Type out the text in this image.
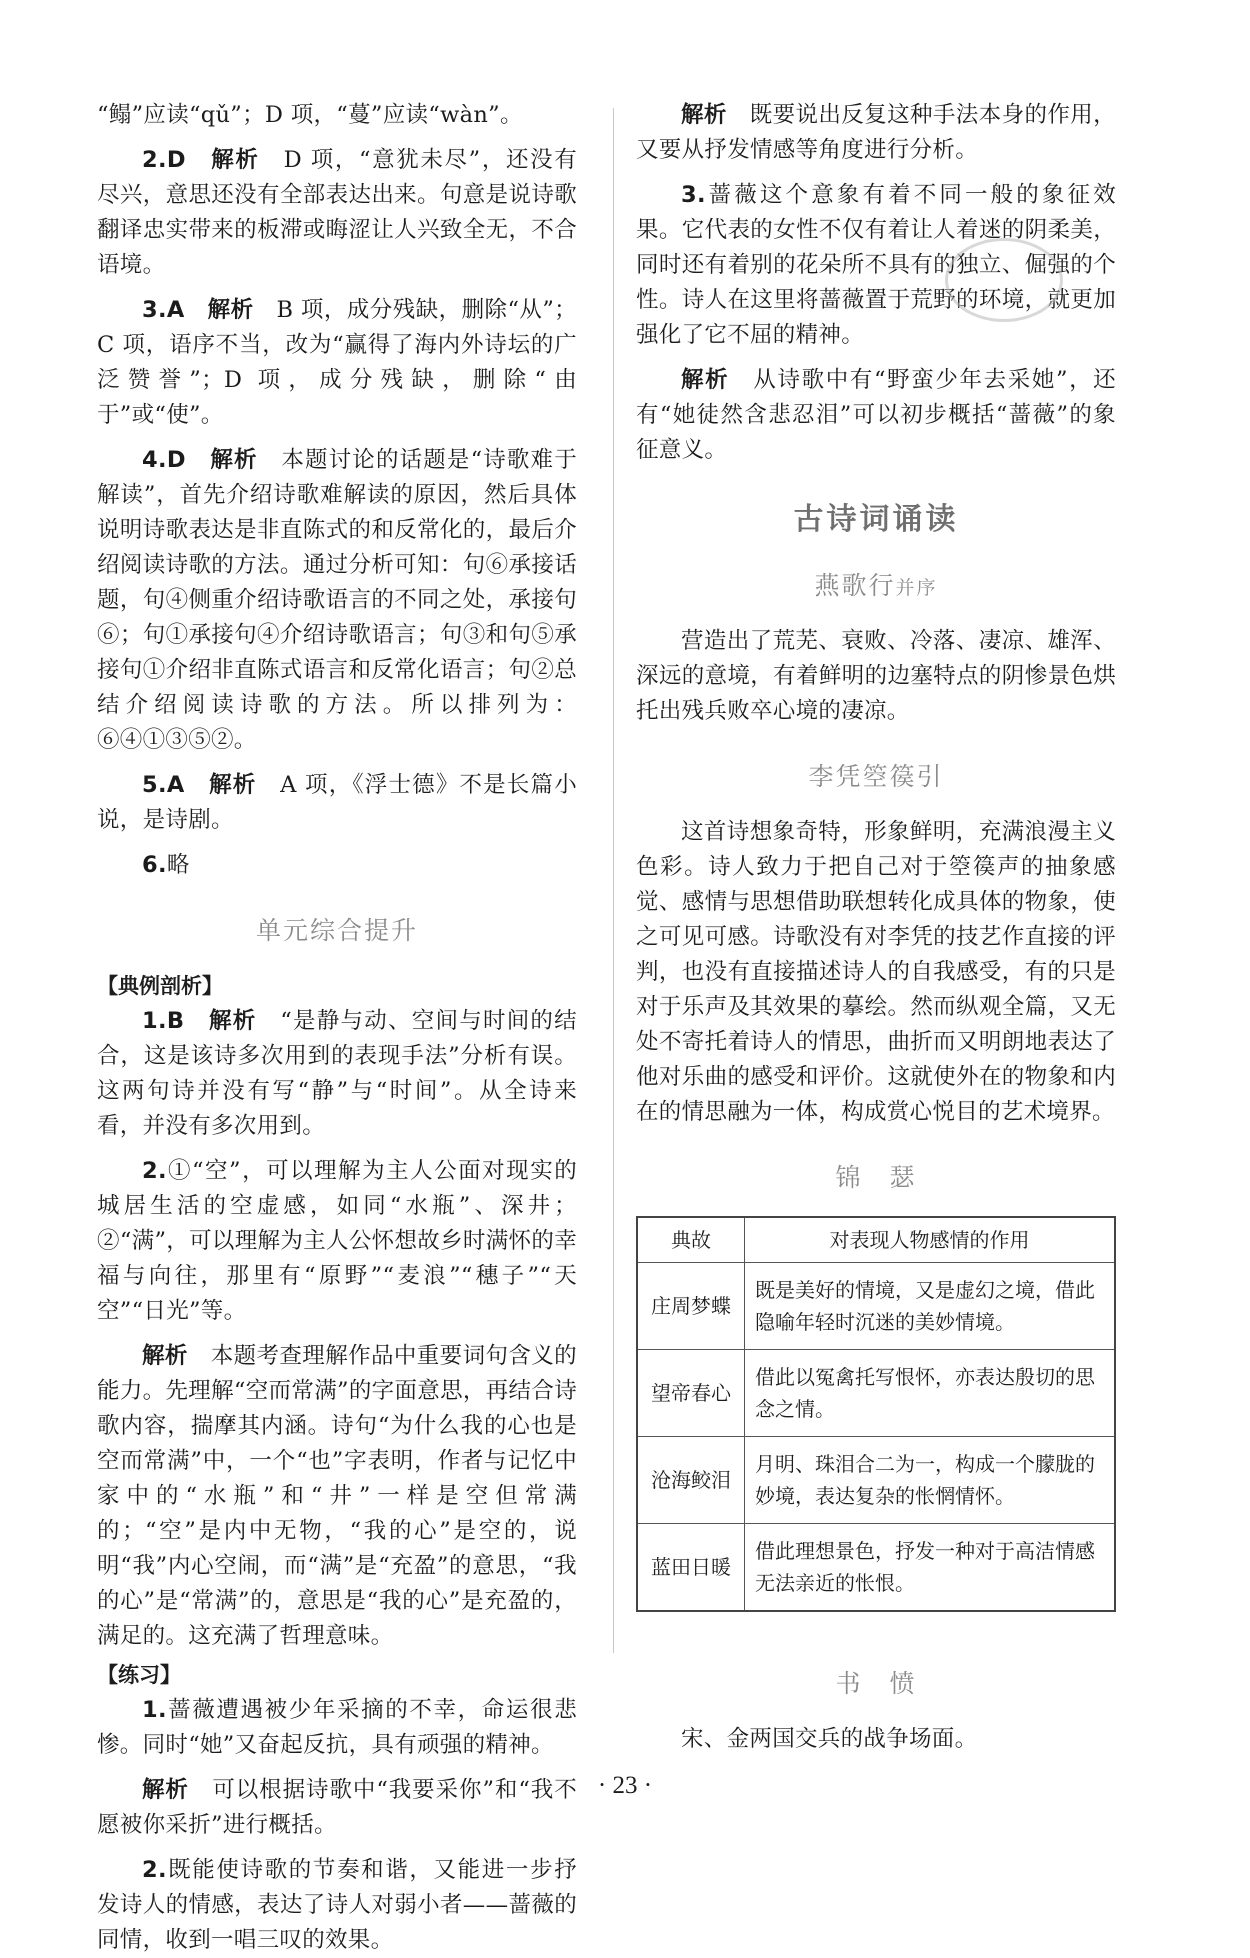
“鳎”应读“qǔ”；D 项，“蔓”应读“wàn”。

2.D　 解析　 D 项，“意犹未尽”，还没有尽兴，意思还没有全部表达出来。句意是说诗歌翻译忠实带来的板滞或晦涩让人兴致全无，不合语境。

3.A　 解析　 B 项，成分残缺，删除“从”；C 项，语序不当，改为“赢得了海内外诗坛的广泛赞誉”；D 项，成分残缺，删除“由于”或“使”。

4.D　 解析　 本题讨论的话题是“诗歌难于解读”，首先介绍诗歌难解读的原因，然后具体说明诗歌表达是非直陈式的和反常化的，最后介绍阅读诗歌的方法。通过分析可知：句⑥承接话题，句④侧重介绍诗歌语言的不同之处，承接句⑥；句①承接句④介绍诗歌语言；句③和句⑤承接句①介绍非直陈式语言和反常化语言；句②总结介绍阅读诗歌的方法。所以排列为：⑥④①③⑤②。

5.A　 解析　 A 项，《浮士德》不是长篇小说，是诗剧。

6.略

单元综合提升
【典例剖析】

1.B　 解析　 “是静与动、空间与时间的结合，这是该诗多次用到的表现手法”分析有误。这两句诗并没有写“静”与“时间”。从全诗来看，并没有多次用到。

2.①“空”，可以理解为主人公面对现实的城居生活的空虚感，如同“水瓶”、深井；②“满”，可以理解为主人公怀想故乡时满怀的幸福与向往，那里有“原野”“麦浪”“穗子”“天空”“日光”等。

解析　 本题考查理解作品中重要词句含义的能力。先理解“空而常满”的字面意思，再结合诗歌内容，揣摩其内涵。诗句“为什么我的心也是空而常满”中，一个“也”字表明，作者与记忆中家中的“水瓶”和“井”一样是空但常满的；“空”是内中无物，“我的心”是空的，说明“我”内心空闹，而“满”是“充盈”的意思，“我的心”是“常满”的，意思是“我的心”是充盈的，满足的。这充满了哲理意味。

【练习】

1.蔷薇遭遇被少年采摘的不幸，命运很悲惨。同时“她”又奋起反抗，具有顽强的精神。

解析　 可以根据诗歌中“我要采你”和“我不愿被你采折”进行概括。

2.既能使诗歌的节奏和谐，又能进一步抒发诗人的情感，表达了诗人对弱小者——蔷薇的同情，收到一唱三叹的效果。

解析　 既要说出反复这种手法本身的作用，又要从抒发情感等角度进行分析。

3.蔷薇这个意象有着不同一般的象征效果。它代表的女性不仅有着让人着迷的阴柔美，同时还有着别的花朵所不具有的独立、倔强的个性。诗人在这里将蔷薇置于荒野的环境，就更加强化了它不屈的精神。

解析　 从诗歌中有“野蛮少年去采她”，还有“她徒然含悲忍泪”可以初步概括“蔷薇”的象征意义。

古诗词诵读
燕歌行并序

营造出了荒芜、衰败、冷落、凄凉、雄浑、深远的意境，有着鲜明的边塞特点的阴惨景色烘托出残兵败卒心境的凄凉。

李凭箜篌引

这首诗想象奇特，形象鲜明，充满浪漫主义色彩。诗人致力于把自己对于箜篌声的抽象感觉、感情与思想借助联想转化成具体的物象，使之可见可感。诗歌没有对李凭的技艺作直接的评判，也没有直接描述诗人的自我感受，有的只是对于乐声及其效果的摹绘。然而纵观全篇，又无处不寄托着诗人的情思，曲折而又明朗地表达了他对乐曲的感受和评价。这就使外在的物象和内在的情思融为一体，构成赏心悦目的艺术境界。

锦　瑟
典故	对表现人物感情的作用
庄周梦蝶	既是美好的情境，又是虚幻之境，借此隐喻年轻时沉迷的美妙情境。
望帝春心	借此以冤禽托写恨怀，亦表达殷切的思念之情。
沧海鲛泪	月明、珠泪合二为一，构成一个朦胧的妙境，表达复杂的怅惘情怀。
蓝田日暖	借此理想景色，抒发一种对于高洁情感无法亲近的怅恨。
书　愤

宋、金两国交兵的战争场面。

· 23 ·
